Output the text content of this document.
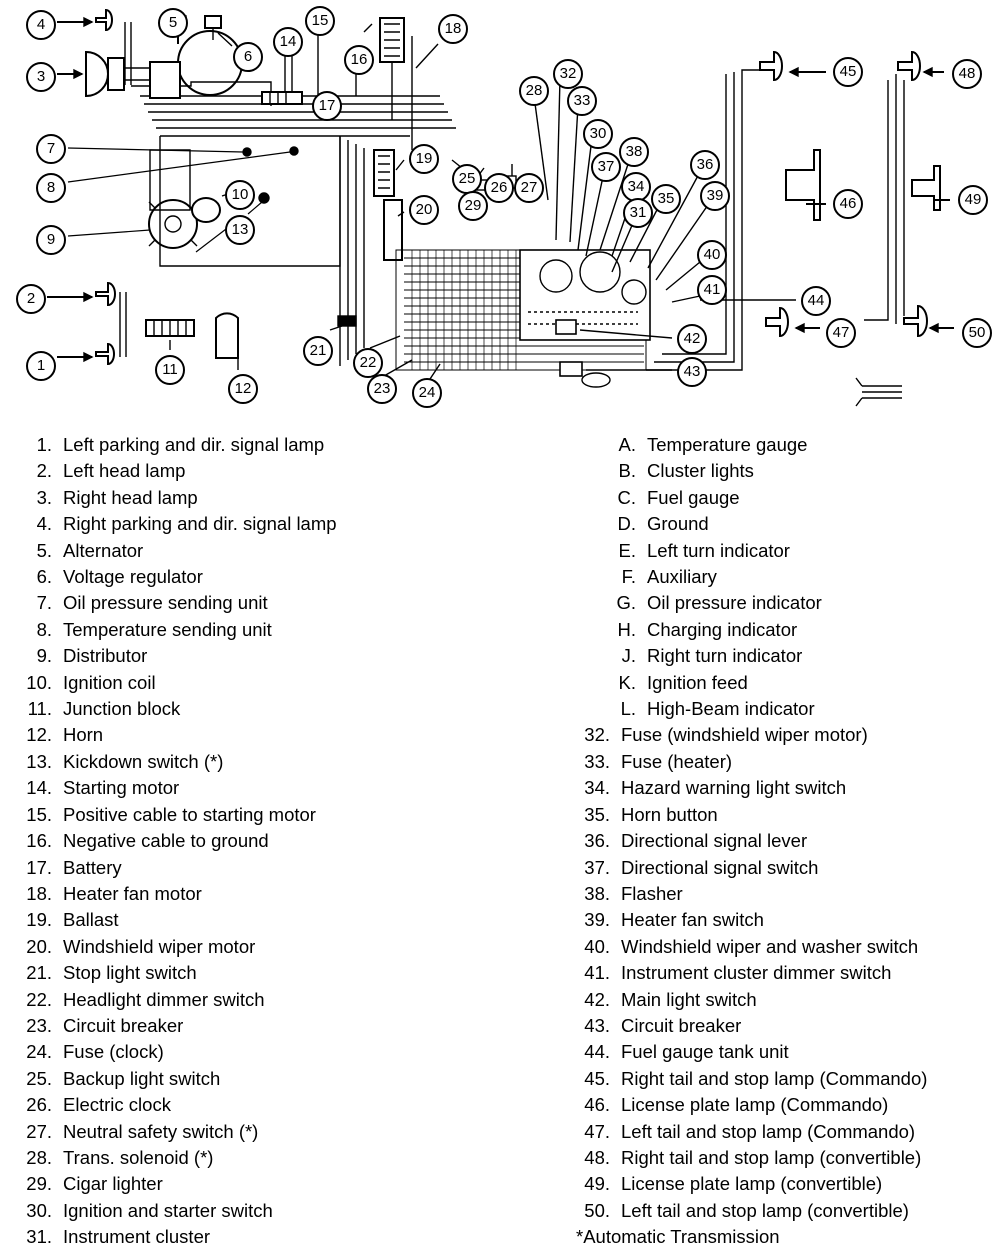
4
3
5
6
14
15
16
17
18
28
32
33
30
38
37
34
36
35	39
31
7
8	10
13
9
19
20
25
26 27
29
40
41
44
42
43
2
1	11
12
21
22
23	24
45	48
46	49
47	50
1. Left parking and dir. signal lamp
2. Left head lamp
3. Right head lamp
4. Right parking and dir. signal lamp
5. Alternator
6. Voltage regulator
7. Oil pressure sending unit
8. Temperature sending unit
9. Distributor
10. Ignition coil
11. Junction block
12. Horn
13. Kickdown switch (*)
14. Starting motor
15. Positive cable to starting motor
16. Negative cable to ground
17. Battery
18. Heater fan motor
19. Ballast
20. Windshield wiper motor
21. Stop light switch
22. Headlight dimmer switch
23. Circuit breaker
24. Fuse (clock)
25. Backup light switch
26. Electric clock
27. Neutral safety switch (*)
28. Trans. solenoid (*)
29. Cigar lighter
30. Ignition and starter switch
31. Instrument cluster
A. Temperature gauge
B. Cluster lights
C. Fuel gauge
D. Ground
E. Left turn indicator
F. Auxiliary
G. Oil pressure indicator
H. Charging indicator
J. Right turn indicator
K. Ignition feed
L. High-Beam indicator
32. Fuse (windshield wiper motor)
33. Fuse (heater)
34. Hazard warning light switch
35. Horn button
36. Directional signal lever
37. Directional signal switch
38. Flasher
39. Heater fan switch
40. Windshield wiper and washer switch
41. Instrument cluster dimmer switch
42. Main light switch
43. Circuit breaker
44. Fuel gauge tank unit
45. Right tail and stop lamp (Commando)
46. License plate lamp (Commando)
47. Left tail and stop lamp (Commando)
48. Right tail and stop lamp (convertible)
49. License plate lamp (convertible)
50. Left tail and stop lamp (convertible)
*Automatic Transmission
